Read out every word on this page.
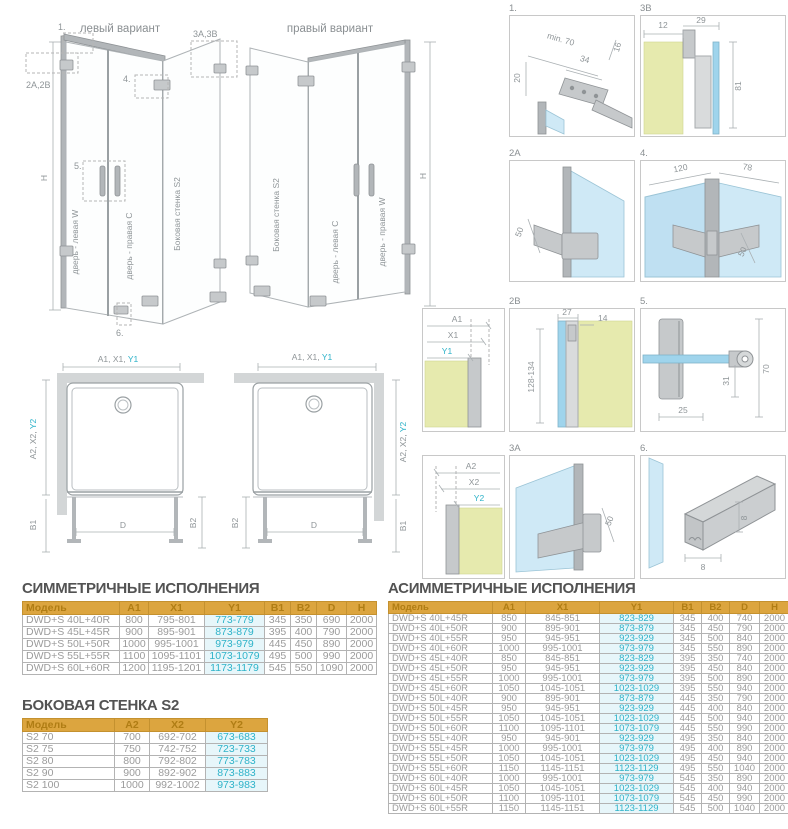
левый вариант
H
1.
2A,2B
3A,3B
4.
5.
6.
дверь - левая W	дверь - правая C	Боковая стенка S2
правый вариант
H
Боковая стенка S2
дверь - левая C	дверь - правая W
A1, X1, Y1
A2, X2, Y2
B1	D	B2
A1, X1, Y1
A2, X2, Y2
B1
D
B2
1.
min. 70
34
16
20
3B
12	29
81
2A
50
4.
120	78
50
A1
X1
Y1
2B
27
14
128-134
5.
31
25
70
A2
X2
Y2
3A
50
6.
8
8
СИММЕТРИЧНЫЕ ИСПОЛНЕНИЯ
Модель	A1	X1	Y1	B1	B2	D	H
DWD+S 40L+40R	800	795-801	773-779	345	350	690	2000
DWD+S 45L+45R	900	895-901	873-879	395	400	790	2000
DWD+S 50L+50R	1000	995-1001	973-979	445	450	890	2000
DWD+S 55L+55R	1100	1095-1101	1073-1079	495	500	990	2000
DWD+S 60L+60R	1200	1195-1201	1173-1179	545	550	1090	2000
БОКОВАЯ СТЕНКА S2
Модель	A2	X2	Y2
S2 70	700	692-702	673-683
S2 75	750	742-752	723-733
S2 80	800	792-802	773-783
S2 90	900	892-902	873-883
S2 100	1000	992-1002	973-983
АСИММЕТРИЧНЫЕ ИСПОЛНЕНИЯ
Модель	A1	X1	Y1	B1	B2	D	H
DWD+S 40L+45R	850	845-851	823-829	345	400	740	2000
DWD+S 40L+50R	900	895-901	873-879	345	450	790	2000
DWD+S 40L+55R	950	945-951	923-929	345	500	840	2000
DWD+S 40L+60R	1000	995-1001	973-979	345	550	890	2000
DWD+S 45L+40R	850	845-851	823-829	395	350	740	2000
DWD+S 45L+50R	950	945-951	923-929	395	450	840	2000
DWD+S 45L+55R	1000	995-1001	973-979	395	500	890	2000
DWD+S 45L+60R	1050	1045-1051	1023-1029	395	550	940	2000
DWD+S 50L+40R	900	895-901	873-879	445	350	790	2000
DWD+S 50L+45R	950	945-951	923-929	445	400	840	2000
DWD+S 50L+55R	1050	1045-1051	1023-1029	445	500	940	2000
DWD+S 50L+60R	1100	1095-1101	1073-1079	445	550	990	2000
DWD+S 55L+40R	950	945-901	923-929	495	350	840	2000
DWD+S 55L+45R	1000	995-1001	973-979	495	400	890	2000
DWD+S 55L+50R	1050	1045-1051	1023-1029	495	450	940	2000
DWD+S 55L+60R	1150	1145-1151	1123-1129	495	550	1040	2000
DWD+S 60L+40R	1000	995-1001	973-979	545	350	890	2000
DWD+S 60L+45R	1050	1045-1051	1023-1029	545	400	940	2000
DWD+S 60L+50R	1100	1095-1101	1073-1079	545	450	990	2000
DWD+S 60L+55R	1150	1145-1151	1123-1129	545	500	1040	2000
